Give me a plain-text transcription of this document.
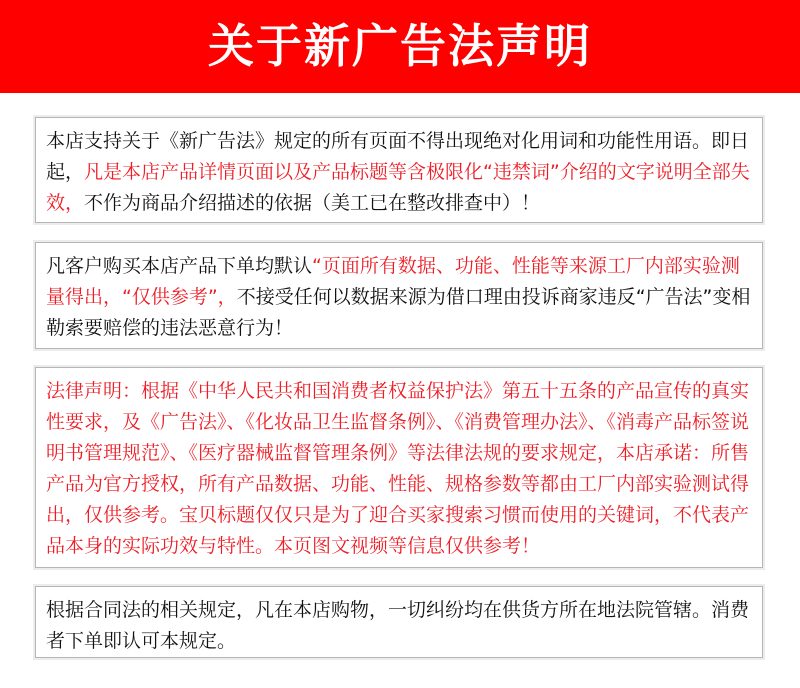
关于新广告法声明
本店支持关于《新广告法》规定的所有页面不得出现绝对化用词和功能性用语。即日起，凡是本店产品详情页面以及产品标题等含极限化“违禁词”介绍的文字说明全部失效，不作为商品介绍描述的依据（美工已在整改排查中）！
凡客户购买本店产品下单均默认“页面所有数据、功能、性能等来源工厂内部实验测量得出，“仅供参考”，不接受任何以数据来源为借口理由投诉商家违反“广告法”变相勒索要赔偿的违法恶意行为！
法律声明：根据《中华人民共和国消费者权益保护法》第五十五条的产品宣传的真实性要求，及《广告法》、《化妆品卫生监督条例》、《消费管理办法》、《消毒产品标签说明书管理规范》、《医疗器械监督管理条例》等法律法规的要求规定，本店承诺：所售产品为官方授权，所有产品数据、功能、性能、规格参数等都由工厂内部实验测试得出，仅供参考。宝贝标题仅仅只是为了迎合买家搜索习惯而使用的关键词，不代表产品本身的实际功效与特性。本页图文视频等信息仅供参考！
根据合同法的相关规定，凡在本店购物，一切纠纷均在供货方所在地法院管辖。消费者下单即认可本规定。
